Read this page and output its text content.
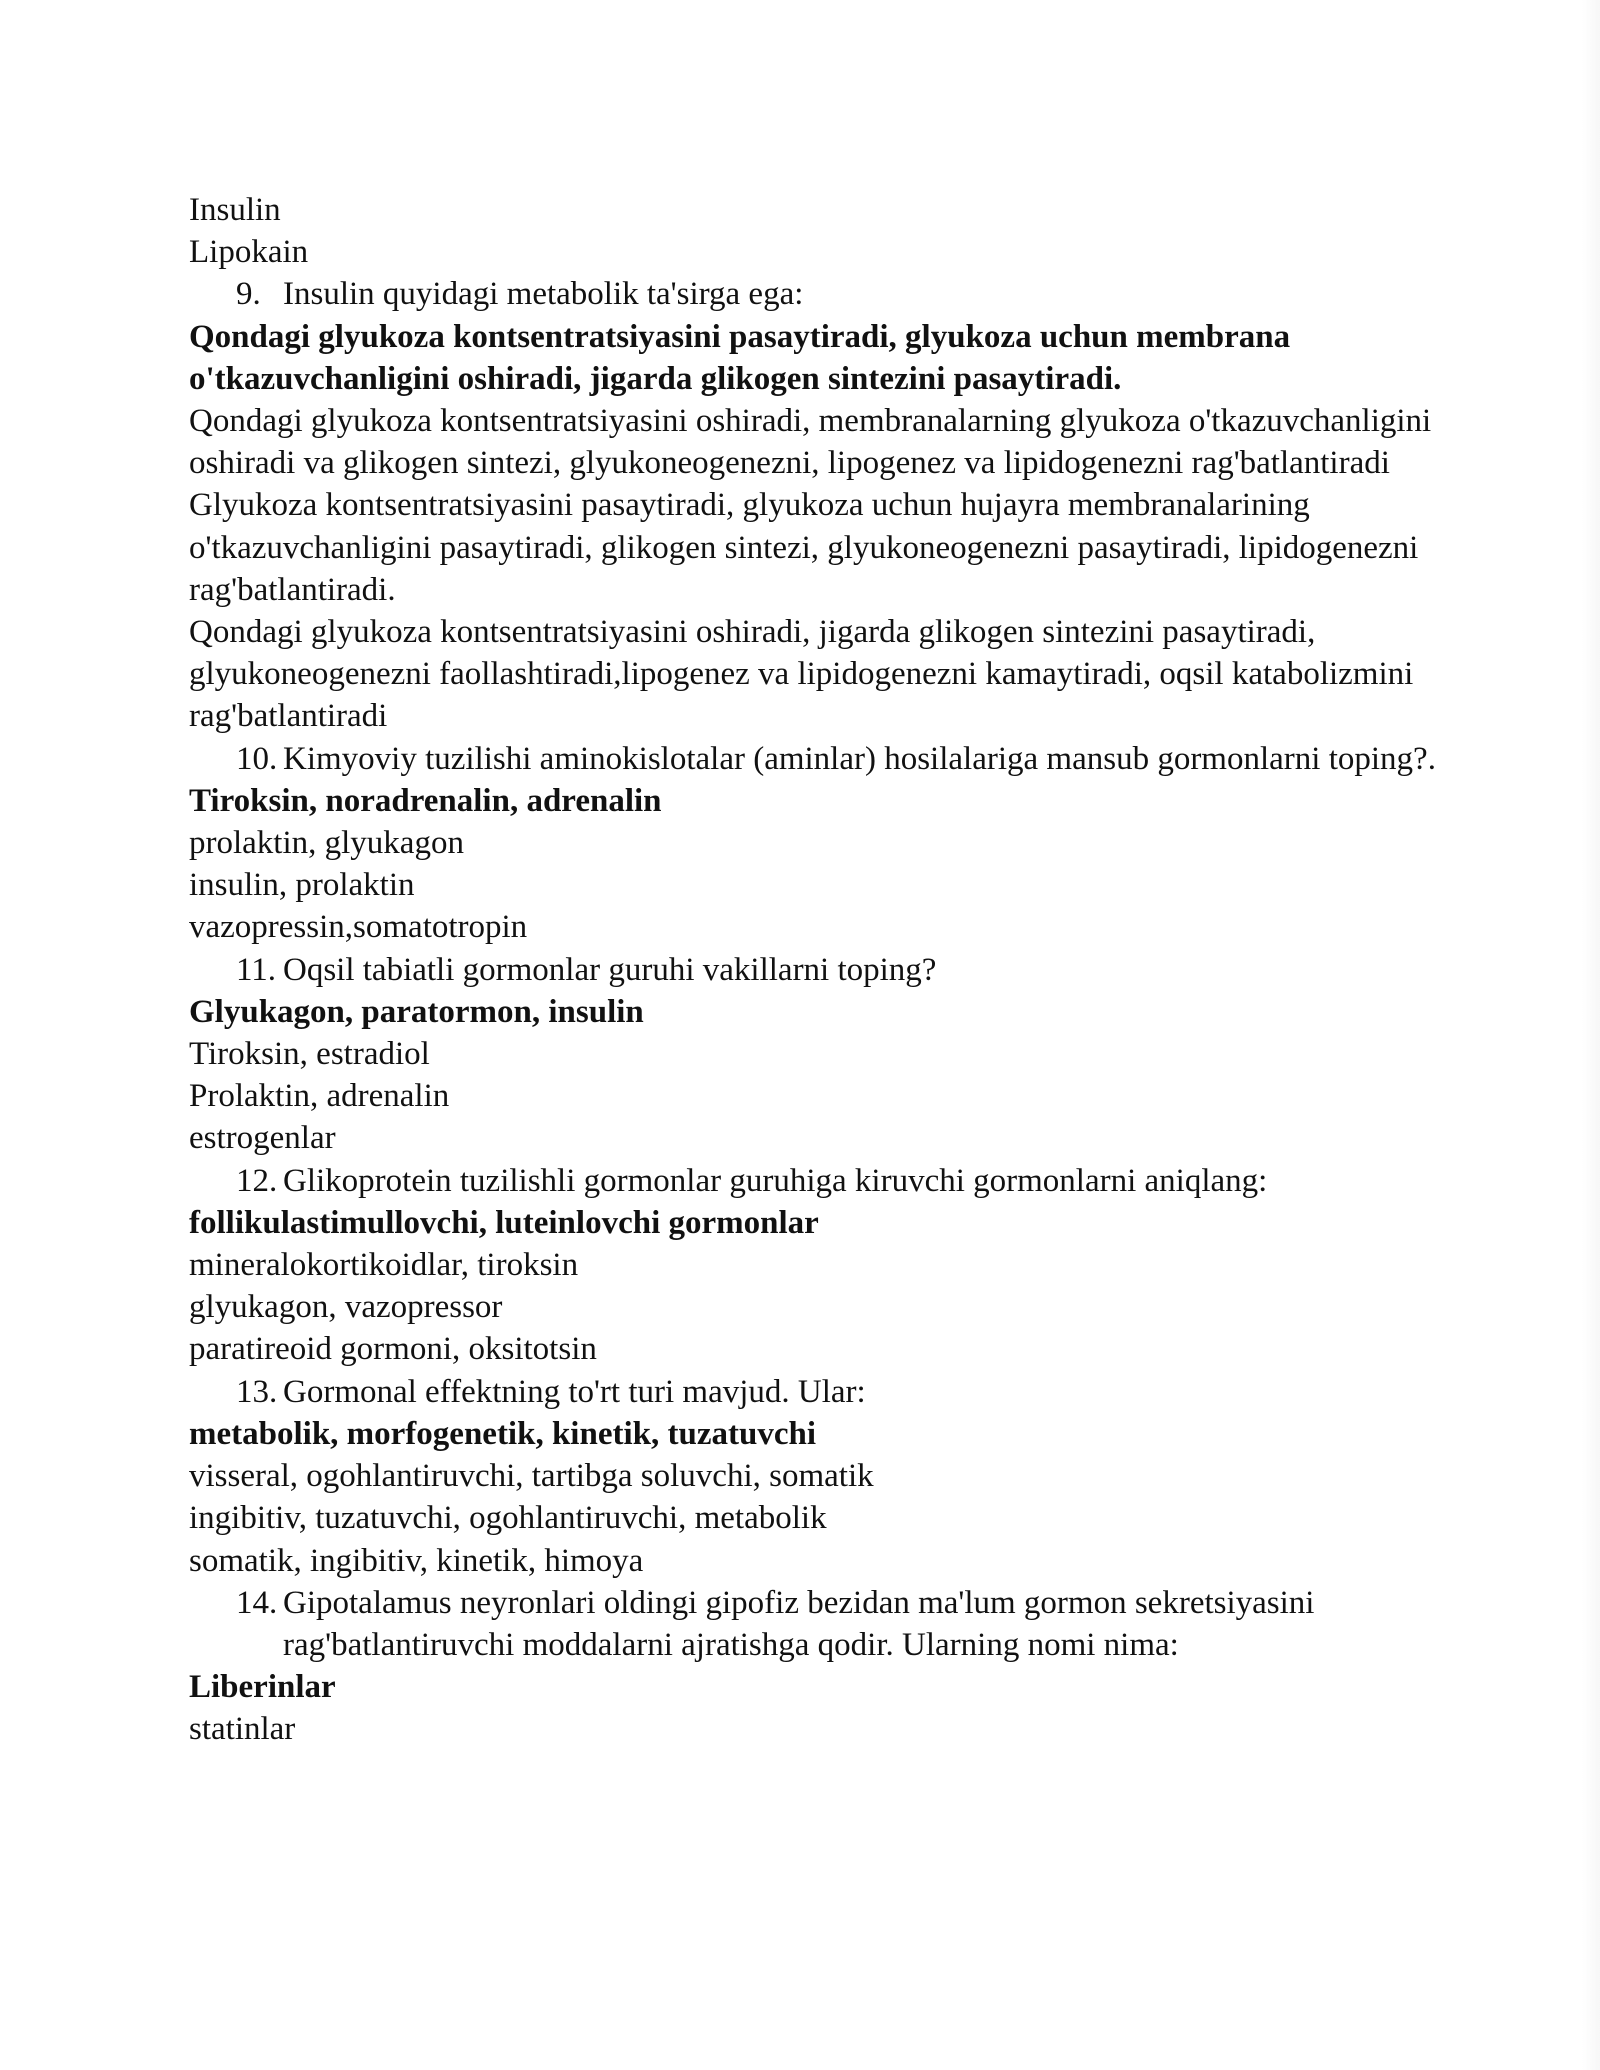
Insulin

Lipokain

9. Insulin quyidagi metabolik ta'sirga ega:

Qondagi glyukoza kontsentratsiyasini pasaytiradi, glyukoza uchun membrana o'tkazuvchanligini oshiradi, jigarda glikogen sintezini pasaytiradi.

Qondagi glyukoza kontsentratsiyasini oshiradi, membranalarning glyukoza o'tkazuvchanligini oshiradi va glikogen sintezi, glyukoneogenezni, lipogenez va lipidogenezni rag'batlantiradi

Glyukoza kontsentratsiyasini pasaytiradi, glyukoza uchun hujayra membranalarining o'tkazuvchanligini pasaytiradi, glikogen sintezi, glyukoneogenezni pasaytiradi, lipidogenezni rag'batlantiradi.

Qondagi glyukoza kontsentratsiyasini oshiradi, jigarda glikogen sintezini pasaytiradi, glyukoneogenezni faollashtiradi,lipogenez va lipidogenezni kamaytiradi, oqsil katabolizmini rag'batlantiradi

10. Kimyoviy tuzilishi aminokislotalar (aminlar) hosilalariga mansub gormonlarni toping?.

Tiroksin, noradrenalin, adrenalin

prolaktin, glyukagon

insulin, prolaktin

vazopressin,somatotropin

11. Oqsil tabiatli gormonlar guruhi vakillarni toping?

Glyukagon, paratormon, insulin

Tiroksin, estradiol

Prolaktin, adrenalin

estrogenlar

12. Glikoprotein tuzilishli gormonlar guruhiga kiruvchi gormonlarni aniqlang:

follikulastimullovchi, luteinlovchi gormonlar

mineralokortikoidlar, tiroksin

glyukagon, vazopressor

paratireoid gormoni, oksitotsin

13. Gormonal effektning to'rt turi mavjud. Ular:

metabolik, morfogenetik, kinetik, tuzatuvchi

visseral, ogohlantiruvchi, tartibga soluvchi, somatik

ingibitiv, tuzatuvchi, ogohlantiruvchi, metabolik

somatik, ingibitiv, kinetik, himoya

14. Gipotalamus neyronlari oldingi gipofiz bezidan ma'lum gormon sekretsiyasini rag'batlantiruvchi moddalarni ajratishga qodir. Ularning nomi nima:

Liberinlar

statinlar
